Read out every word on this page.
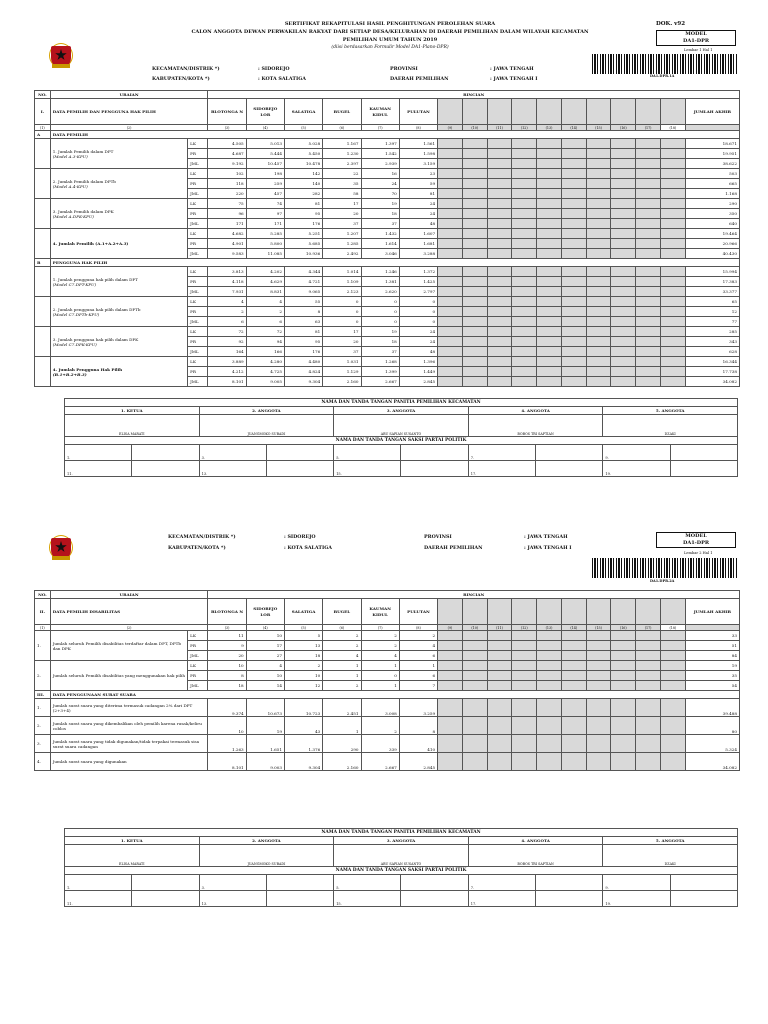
SERTIFIKAT REKAPITULASI HASIL PENGHITUNGAN PEROLEHAN SUARA
CALON ANGGOTA DEWAN PERWAKILAN RAKYAT DARI SETIAP DESA/KELURAHAN DI DAERAH PEMILIHAN DALAM WILAYAH KECAMATAN
PEMILIHAN UMUM TAHUN 2019
(diisi berdasarkan Formulir Model DA1-Plano-DPR)
DOK. v92
MODEL
DA1-DPR
Lembar 1 Hal 1
DA1.DPR.1A
KECAMATAN/DISTRIK *)	: SIDOREJO
KABUPATEN/KOTA *)	: KOTA SALATIGA
PROVINSI	: JAWA TENGAH
DAERAH PEMILIHAN	: JAWA TENGAH I
NO.	URAIAN		RINCIAN																
I.	DATA PEMILIH DAN PENGGUNA HAK PILIH		BLOTONGA N	SIDOREJO LOR	SALATIGA	BUGEL	KAUMAN KIDUL	PULUTAN											JUMLAH AKHIR
(1)	(2)		(3)	(4)	(5)	(6)	(7)	(8)	(9)	(10)	(11)	(12)	(13)	(14)	(15)	(16)	(17)	(18)	
A	DATA PEMILIH																		
	1. Jumlah Pemilih dalam DPT
(Model A.3-KPU)	LK	4.505	5.013	5.028	1.167	1.397	1.561											18.671
		PR	4.687	5.444	5.450	1.230	1.542	1.598											19.951
		JML	9.192	10.457	10.478	2.397	2.939	3.159											38.622
	2. Jumlah Pemilih dalam DPTb
(Model A.4-KPU)	LK	102	198	142	22	16	23											503
		PR	118	259	140	35	24	59											665
		JML	220	457	282	58	70	81											1.168
	3. Jumlah Pemilih dalam DPK
(Model A.DPK-KPU)	LK	75	74	81	17	19	24											290
		PR	96	97	95	20	18	24											350
		JML	171	171	176	37	37	48											640
	4. Jumlah Pemilih (A.1+A.2+A.3)	LK	4.682	5.285	5.251	1.207	1.432	1.607											19.464
		PR	4.901	5.800	5.685	1.285	1.614	1.681											20.966
		JML	9.583	11.085	10.936	2.492	3.046	3.288											40.430
B	PENGGUNA HAK PILIH																		
	1. Jumlah pengguna hak pilih dalam DPT
(Model C7.DPT-KPU)	LK	3.813	4.202	4.344	1.014	1.246	1.372											15.994
		PR	4.118	4.629	4.721	1.109	1.381	1.425											17.383
		JML	7.931	8.831	9.065	2.123	2.620	2.797											33.377
	2. Jumlah pengguna hak pilih dalam DPTb
(Model C7.DPTb-KPU)	LK	4	4	55	0	0	0											65
		PR	2	2	8	0	0	0											12
		JML	6	6	63	0	0	0											77
	3. Jumlah pengguna hak pilih dalam DPK
(Model C7.DPK-KPU)	LK	72	72	81	17	19	24											285
		PR	92	94	95	20	18	24											343
		JML	164	166	176	37	37	48											628
	4. Jumlah Pengguna Hak Pilih
(B.1+B.2+B.3)	LK	3.889	4.280	4.480	1.031	1.268	1.396											16.344
		PR	4.212	4.725	4.824	1.129	1.399	1.449											17.738
		JML	8.101	9.005	9.304	2.160	2.667	2.845											34.082
NAMA DAN TANDA TANGAN PANITIA PEMILIHAN KECAMATAN									
1. KETUA		2. ANGGOTA		3. ANGGOTA		4. ANGGOTA		5. ANGGOTA	
ELISA MARATI		JUANGMOKO SUBADI		ABU SAPIAN SUSANTO		BOBOS TRI SAPTIAN		DZAKI	
NAMA DAN TANDA TANGAN SAKSI PARTAI POLITIK									
1.		3.		5.		7.		9.	
11.		13.		15.		17.		19.	
KECAMATAN/DISTRIK *)	: SIDOREJO
KABUPATEN/KOTA *)	: KOTA SALATIGA
PROVINSI	: JAWA TENGAH
DAERAH PEMILIHAN	: JAWA TENGAH I
MODEL
DA1-DPR
Lembar 2 Hal 1
DA1.DPR.2A
NO.	URAIAN		RINCIAN																
II.	DATA PEMILIH DISABILITAS		BLOTONGA N	SIDOREJO LOR	SALATIGA	BUGEL	KAUMAN KIDUL	PULUTAN											JUMLAH AKHIR
(1)	(2)		(3)	(4)	(5)	(6)	(7)	(8)	(9)	(10)	(11)	(12)	(13)	(14)	(15)	(16)	(17)	(18)	
1.	Jumlah seluruh Pemilih disabilitas terdaftar dalam DPT, DPTb dan DPK	LK	11	10	5	2	2	2											33
		PR	9	17	13	2	2	4											51
		JML	20	27	18	4	4	6											84
2.	Jumlah seluruh Pemilih disabilitas yang menggunakan hak pilih	LK	10	4	2	1	1	1											19
		PR	8	10	10	1	0	6											35
		JML	18	14	12	2	1	7											54
III.	DATA PENGGUNAAN SURAT SUARA																		
1.	Jumlah surat suara yang diterima termasuk cadangan 2% dari DPT (2+3+4)		9.374	10.673	10.723	2.451	3.008	3.259											39.488
2.	Jumlah surat suara yang dikembalikan oleh pemilih karena rusak/keliru coblos		10	19	43	1	2	8											80
3.	Jumlah surat suara yang tidak digunakan/tidak terpakai termasuk sisa surat suara cadangan		1.263	1.651	1.376	290	339	410											5.324
4.	Jumlah surat suara yang digunakan		8.101	9.003	9.304	2.160	2.667	2.845											34.082
NAMA DAN TANDA TANGAN PANITIA PEMILIHAN KECAMATAN									
1. KETUA		2. ANGGOTA		3. ANGGOTA		4. ANGGOTA		5. ANGGOTA	
ELISA MARATI		JUANGMOKO SUBADI		ABU SAPIAN SUSANTO		BOBOS TRI SAPTIAN		DZAKI	
NAMA DAN TANDA TANGAN SAKSI PARTAI POLITIK									
1.		3.		5.		7.		9.	
11.		13.		15.		17.		19.	
